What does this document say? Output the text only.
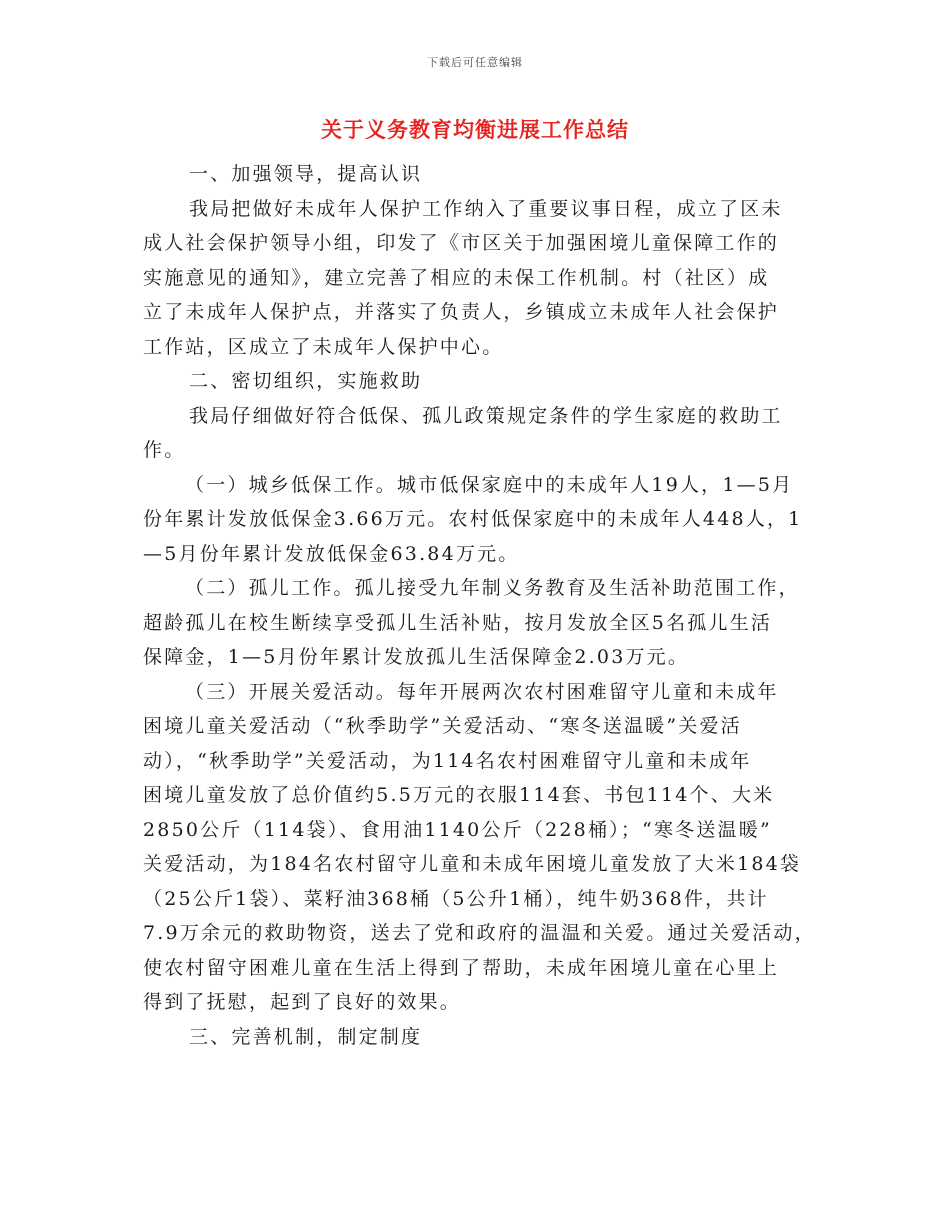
下载后可任意编辑
关于义务教育均衡进展工作总结

一、加强领导，提高认识

我局把做好未成年人保护工作纳入了重要议事日程，成立了区未

成人社会保护领导小组，印发了《市区关于加强困境儿童保障工作的

实施意见的通知》，建立完善了相应的未保工作机制。村（社区）成

立了未成年人保护点，并落实了负责人，乡镇成立未成年人社会保护

工作站，区成立了未成年人保护中心。

二、密切组织，实施救助

我局仔细做好符合低保、孤儿政策规定条件的学生家庭的救助工

作。

（一）城乡低保工作。城市低保家庭中的未成年人19人，1—5月

份年累计发放低保金3.66万元。农村低保家庭中的未成年人448人，1

—5月份年累计发放低保金63.84万元。

（二）孤儿工作。孤儿接受九年制义务教育及生活补助范围工作，

超龄孤儿在校生断续享受孤儿生活补贴，按月发放全区5名孤儿生活

保障金，1—5月份年累计发放孤儿生活保障金2.03万元。

（三）开展关爱活动。每年开展两次农村困难留守儿童和未成年

困境儿童关爱活动（“秋季助学”关爱活动、“寒冬送温暖”关爱活

动），“秋季助学”关爱活动，为114名农村困难留守儿童和未成年

困境儿童发放了总价值约5.5万元的衣服114套、书包114个、大米

2850公斤（114袋）、食用油1140公斤（228桶）；“寒冬送温暖”

关爱活动，为184名农村留守儿童和未成年困境儿童发放了大米184袋

（25公斤1袋）、菜籽油368桶（5公升1桶），纯牛奶368件，共计

7.9万余元的救助物资，送去了党和政府的温温和关爱。通过关爱活动，

使农村留守困难儿童在生活上得到了帮助，未成年困境儿童在心里上

得到了抚慰，起到了良好的效果。

三、完善机制，制定制度
